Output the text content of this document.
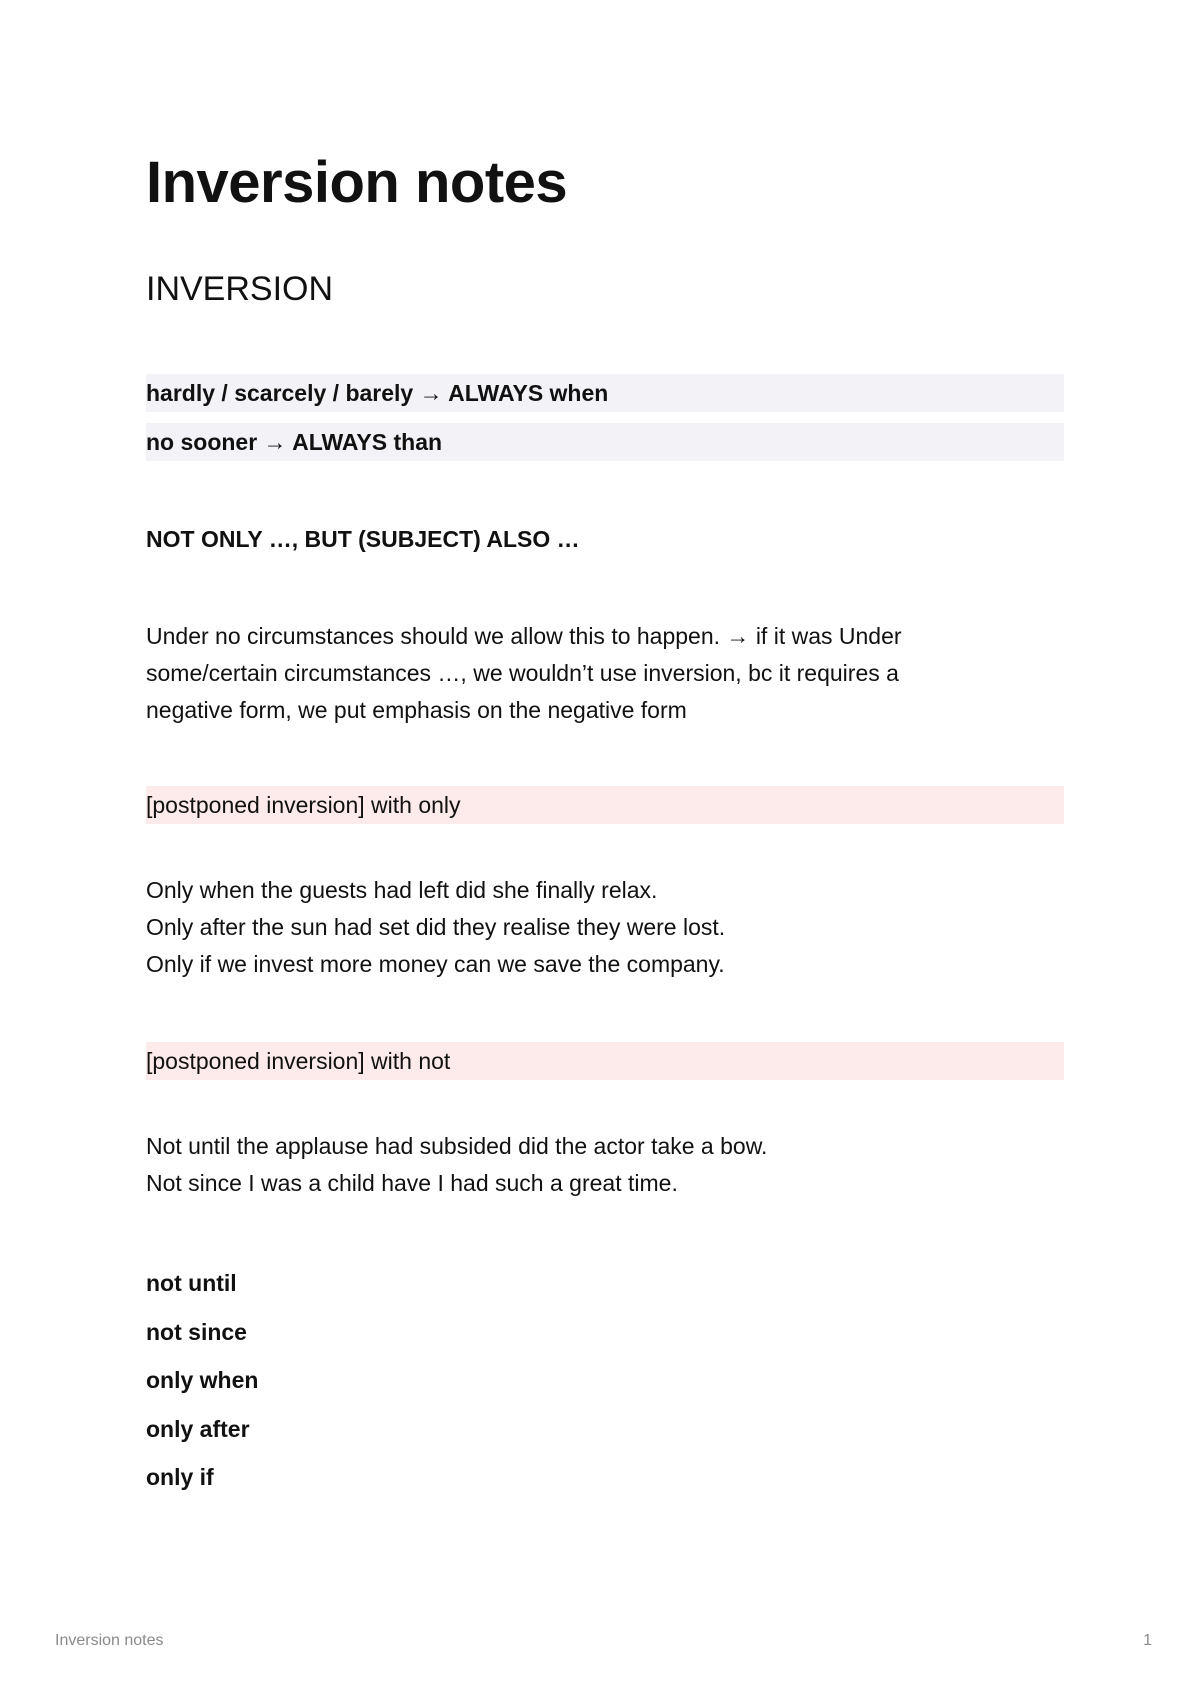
Inversion notes
INVERSION
hardly / scarcely / barely → ALWAYS when
no sooner → ALWAYS than
NOT ONLY …, BUT (SUBJECT) ALSO …

Under no circumstances should we allow this to happen. → if it was Under
some/certain circumstances …, we wouldn’t use inversion, bc it requires a
negative form, we put emphasis on the negative form

[postponed inversion] with only

Only when the guests had left did she finally relax.
Only after the sun had set did they realise they were lost.
Only if we invest more money can we save the company.

[postponed inversion] with not

Not until the applause had subsided did the actor take a bow.
Not since I was a child have I had such a great time.

not until
not since
only when
only after
only if
Inversion notes	1
